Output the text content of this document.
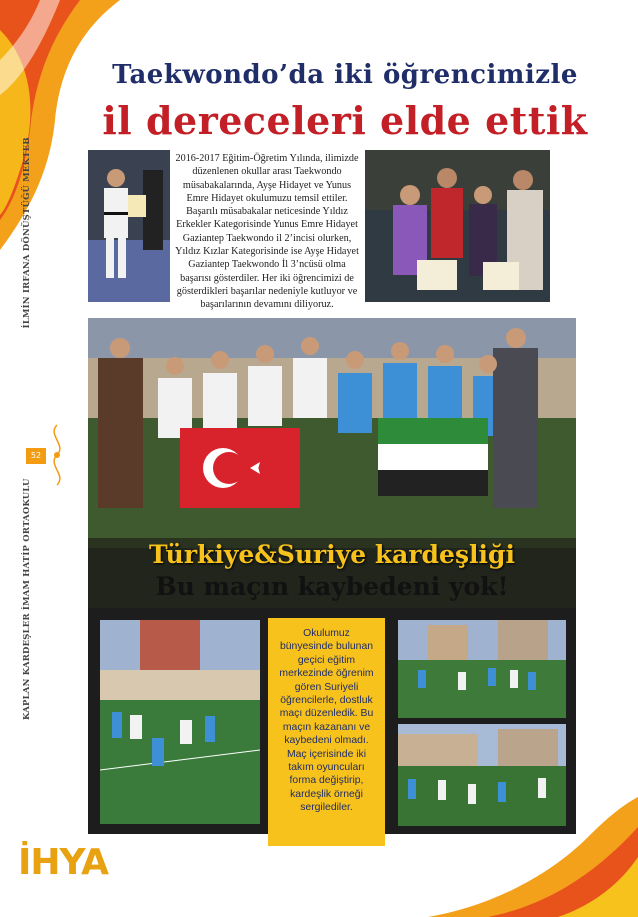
KAPLAN KARDEŞLER İMAM HATİP ORTAOKULUİLMİN IRFANA DÖNÜŞTÜĞÜ MEKTEB
52
Taekwondo’da iki öğrencimizle
il dereceleri elde ettik
2016-2017 Eğitim-Öğretim Yılında, ilimizde düzenlenen okullar arası Taekwondo müsabakalarında, Ayşe Hidayet ve Yunus Emre Hidayet okulumuzu temsil ettiler. Başarılı müsabakalar neticesinde Yıldız Erkekler Kategorisinde Yunus Emre Hidayet Gaziantep Taekwondo il 2’incisi olurken, Yıldız Kızlar Kategorisinde ise Ayşe Hidayet Gaziantep Taekwondo İl 3’ncüsü olma başarısı gösterdiler. Her iki öğrencimizi de gösterdikleri başarılar nedeniyle kutluyor ve başarılarının devamını diliyoruz.
Türkiye&Suriye kardeşliği
Bu maçın kaybedeni yok!
Okulumuz bünyesinde bulunan geçici eğitim merkezinde öğrenim gören Suriyeli öğrencilerle, dostluk maçı düzenledik. Bu maçın kazananı ve kaybedeni olmadı. Maç içerisinde iki takım oyuncuları forma değiştirip, kardeşlik örneği sergilediler.
İHYA
